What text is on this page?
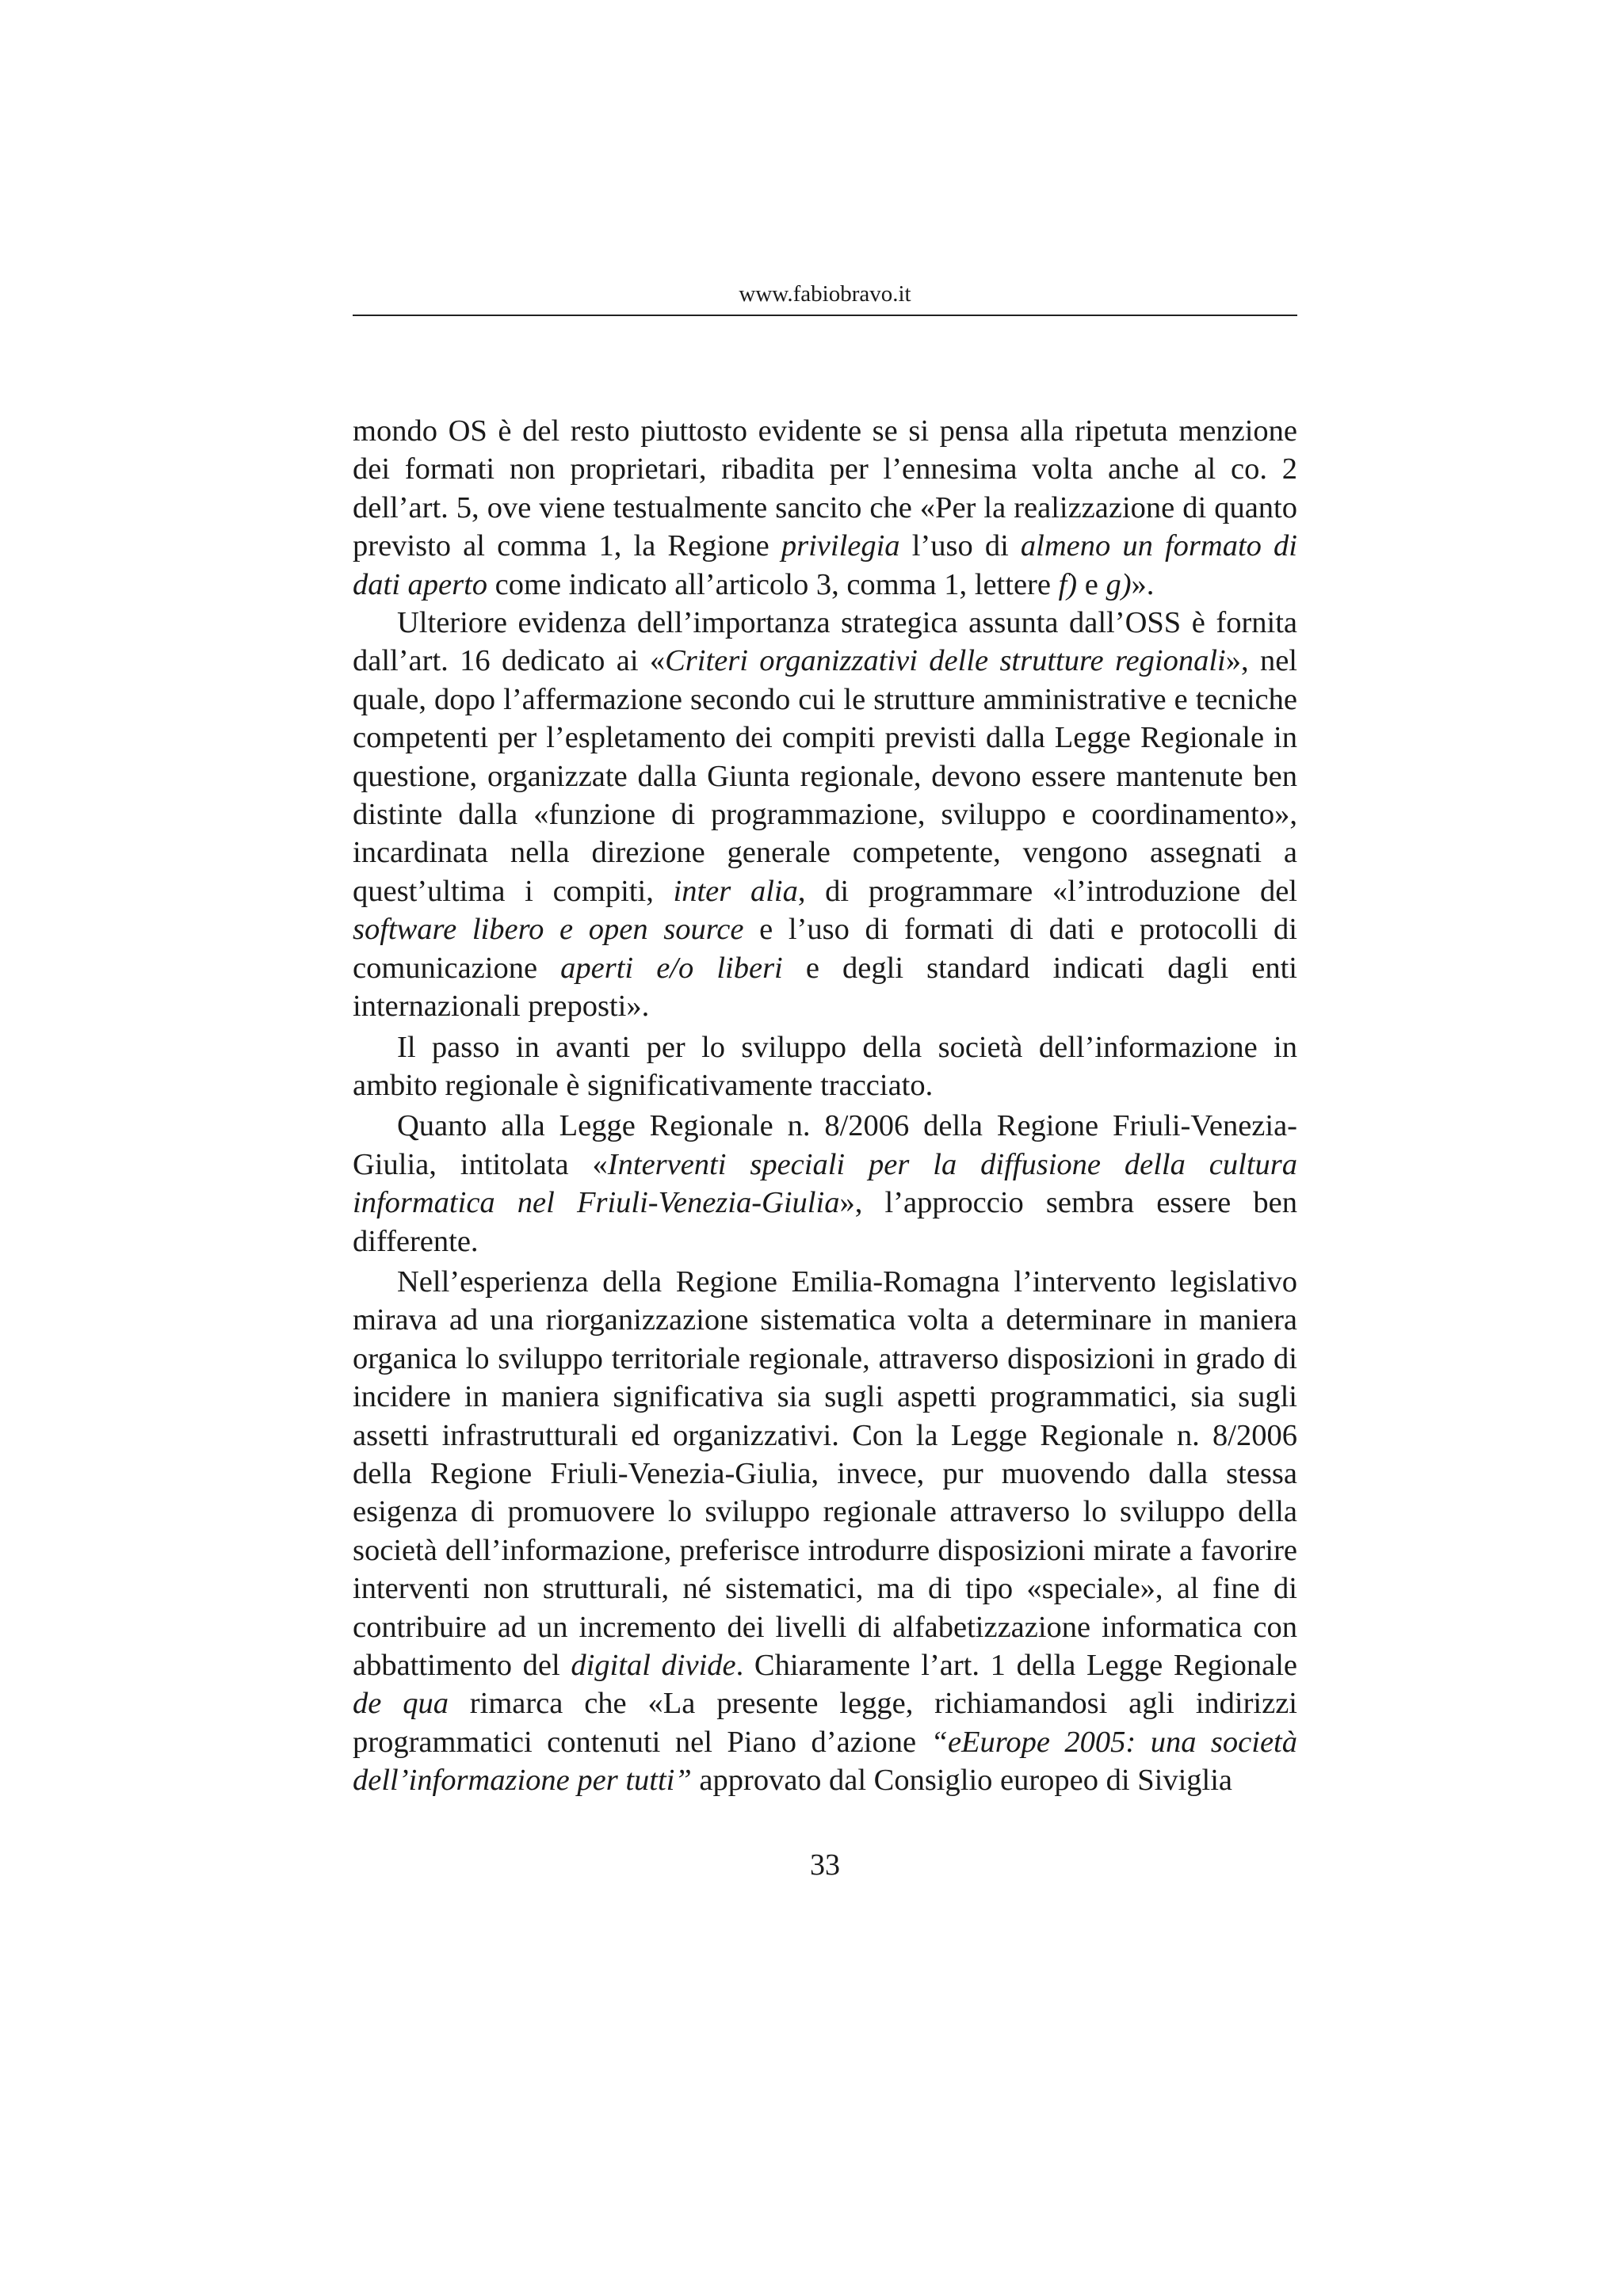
www.fabiobravo.it

mondo OS è del resto piuttosto evidente se si pensa alla ripetuta menzione dei formati non proprietari, ribadita per l’ennesima volta anche al co. 2 dell’art. 5, ove viene testualmente sancito che «Per la realizzazione di quanto previsto al comma 1, la Regione privilegia l’uso di almeno un formato di dati aperto come indicato all’articolo 3, comma 1, lettere f) e g)».

Ulteriore evidenza dell’importanza strategica assunta dall’OSS è fornita dall’art. 16 dedicato ai «Criteri organizzativi delle strutture regionali», nel quale, dopo l’affermazione secondo cui le strutture amministrative e tecniche competenti per l’espletamento dei compiti previsti dalla Legge Regionale in questione, organizzate dalla Giunta regionale, devono essere mantenute ben distinte dalla «funzione di programmazione, sviluppo e coordinamento», incardinata nella direzione generale competente, vengono assegnati a quest’ultima i compiti, inter alia, di programmare «l’introduzione del software libero e open source e l’uso di formati di dati e protocolli di comunicazione aperti e/o liberi e degli standard indicati dagli enti internazionali preposti».

Il passo in avanti per lo sviluppo della società dell’informazione in ambito regionale è significativamente tracciato.

Quanto alla Legge Regionale n. 8/2006 della Regione Friuli-Venezia-Giulia, intitolata «Interventi speciali per la diffusione della cultura informatica nel Friuli-Venezia-Giulia», l’approccio sembra essere ben differente.

Nell’esperienza della Regione Emilia-Romagna l’intervento legislativo mirava ad una riorganizzazione sistematica volta a determinare in maniera organica lo sviluppo territoriale regionale, attraverso disposizioni in grado di incidere in maniera significativa sia sugli aspetti programmatici, sia sugli assetti infrastrutturali ed organizzativi. Con la Legge Regionale n. 8/2006 della Regione Friuli-Venezia-Giulia, invece, pur muovendo dalla stessa esigenza di promuovere lo sviluppo regionale attraverso lo sviluppo della società dell’informazione, preferisce introdurre disposizioni mirate a favorire interventi non strutturali, né sistematici, ma di tipo «speciale», al fine di contribuire ad un incremento dei livelli di alfabetizzazione informatica con abbattimento del digital divide. Chiaramente l’art. 1 della Legge Regionale de qua rimarca che «La presente legge, richiamandosi agli indirizzi programmatici contenuti nel Piano d’azione “eEurope 2005: una società dell’informazione per tutti” approvato dal Consiglio europeo di Siviglia

33
